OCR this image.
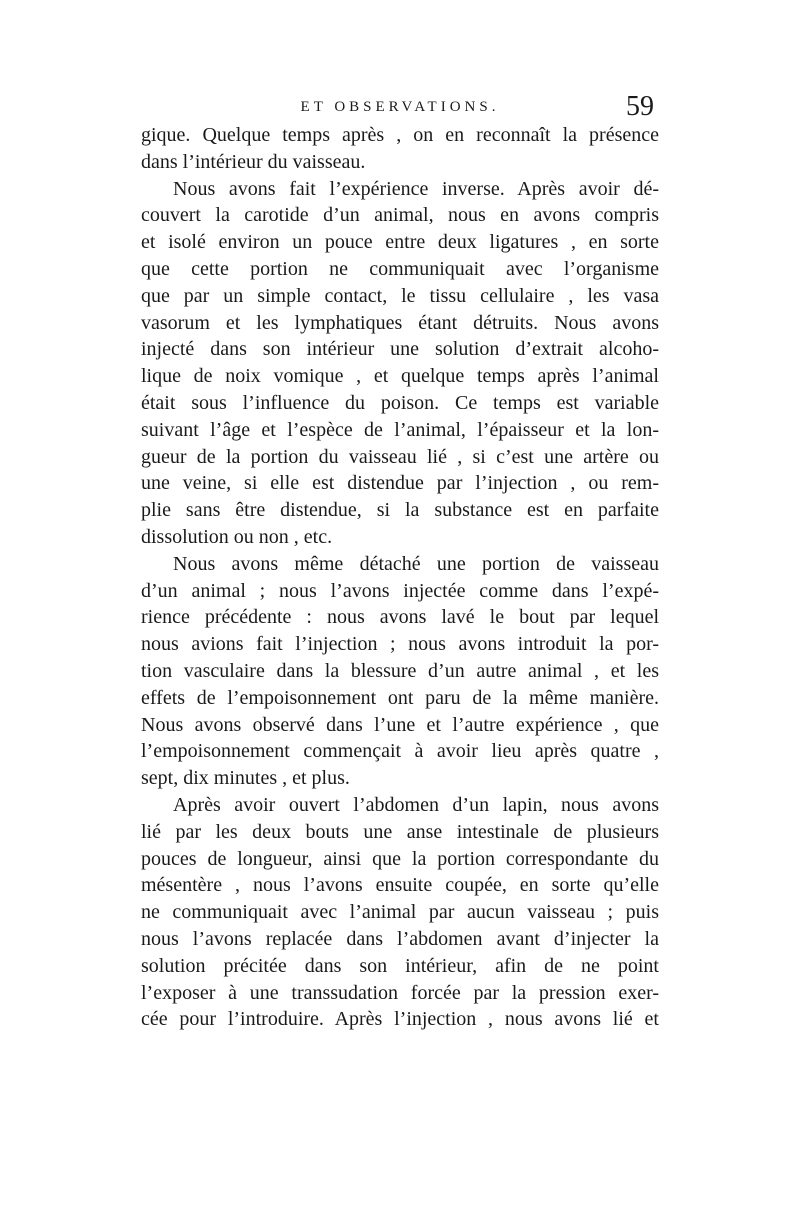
ET OBSERVATIONS.	59
gique. Quelque temps après , on en reconnaît la présence
dans l’intérieur du vaisseau.
Nous avons fait l’expérience inverse. Après avoir dé-
couvert la carotide d’un animal, nous en avons compris
et isolé environ un pouce entre deux ligatures , en sorte
que cette portion ne communiquait avec l’organisme
que par un simple contact, le tissu cellulaire , les vasa
vasorum et les lymphatiques étant détruits. Nous avons
injecté dans son intérieur une solution d’extrait alcoho-
lique de noix vomique , et quelque temps après l’animal
était sous l’influence du poison. Ce temps est variable
suivant l’âge et l’espèce de l’animal, l’épaisseur et la lon-
gueur de la portion du vaisseau lié , si c’est une artère ou
une veine, si elle est distendue par l’injection , ou rem-
plie sans être distendue, si la substance est en parfaite
dissolution ou non , etc.
Nous avons même détaché une portion de vaisseau
d’un animal ; nous l’avons injectée comme dans l’expé-
rience précédente : nous avons lavé le bout par lequel
nous avions fait l’injection ; nous avons introduit la por-
tion vasculaire dans la blessure d’un autre animal , et les
effets de l’empoisonnement ont paru de la même manière.
Nous avons observé dans l’une et l’autre expérience , que
l’empoisonnement commençait à avoir lieu après quatre ,
sept, dix minutes , et plus.
Après avoir ouvert l’abdomen d’un lapin, nous avons
lié par les deux bouts une anse intestinale de plusieurs
pouces de longueur, ainsi que la portion correspondante du
mésentère , nous l’avons ensuite coupée, en sorte qu’elle
ne communiquait avec l’animal par aucun vaisseau ; puis
nous l’avons replacée dans l’abdomen avant d’injecter la
solution précitée dans son intérieur, afin de ne point
l’exposer à une transsudation forcée par la pression exer-
cée pour l’introduire. Après l’injection , nous avons lié et
